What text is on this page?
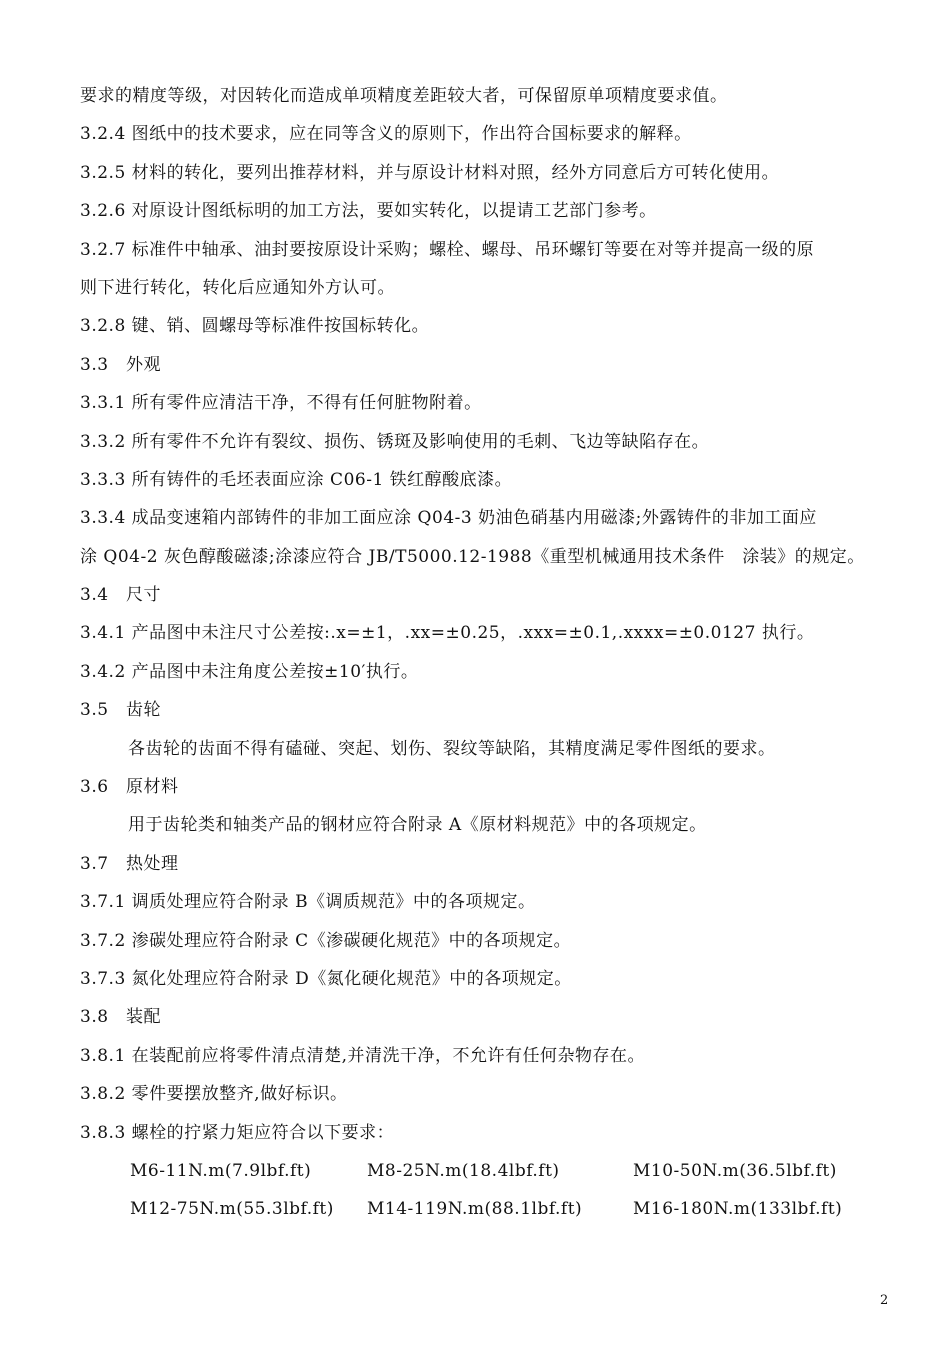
要求的精度等级，对因转化而造成单项精度差距较大者，可保留原单项精度要求值。
3.2.4 图纸中的技术要求，应在同等含义的原则下，作出符合国标要求的解释。
3.2.5 材料的转化，要列出推荐材料，并与原设计材料对照，经外方同意后方可转化使用。
3.2.6 对原设计图纸标明的加工方法，要如实转化，以提请工艺部门参考。
3.2.7 标准件中轴承、油封要按原设计采购；螺栓、螺母、吊环螺钉等要在对等并提高一级的原
则下进行转化，转化后应通知外方认可。
3.2.8 键、销、圆螺母等标准件按国标转化。
3.3 外观
3.3.1 所有零件应清洁干净，不得有任何脏物附着。
3.3.2 所有零件不允许有裂纹、损伤、锈斑及影响使用的毛刺、飞边等缺陷存在。
3.3.3 所有铸件的毛坯表面应涂 C06-1 铁红醇酸底漆。
3.3.4 成品变速箱内部铸件的非加工面应涂 Q04-3 奶油色硝基内用磁漆;外露铸件的非加工面应
涂 Q04-2 灰色醇酸磁漆;涂漆应符合 JB/T5000.12-1988《重型机械通用技术条件　涂装》的规定。
3.4 尺寸
3.4.1 产品图中未注尺寸公差按:.x=±1，.xx=±0.25，.xxx=±0.1,.xxxx=±0.0127 执行。
3.4.2 产品图中未注角度公差按±10′执行。
3.5 齿轮
各齿轮的齿面不得有磕碰、突起、划伤、裂纹等缺陷，其精度满足零件图纸的要求。
3.6 原材料
用于齿轮类和轴类产品的钢材应符合附录 A《原材料规范》中的各项规定。
3.7 热处理
3.7.1 调质处理应符合附录 B《调质规范》中的各项规定。
3.7.2 渗碳处理应符合附录 C《渗碳硬化规范》中的各项规定。
3.7.3 氮化处理应符合附录 D《氮化硬化规范》中的各项规定。
3.8 装配
3.8.1 在装配前应将零件清点清楚,并清洗干净，不允许有任何杂物存在。
3.8.2 零件要摆放整齐,做好标识。
3.8.3 螺栓的拧紧力矩应符合以下要求：
M6-11N.m(7.9lbf.ft)	M8-25N.m(18.4lbf.ft)	M10-50N.m(36.5lbf.ft)
M12-75N.m(55.3lbf.ft)	M14-119N.m(88.1lbf.ft)	M16-180N.m(133lbf.ft)
2
